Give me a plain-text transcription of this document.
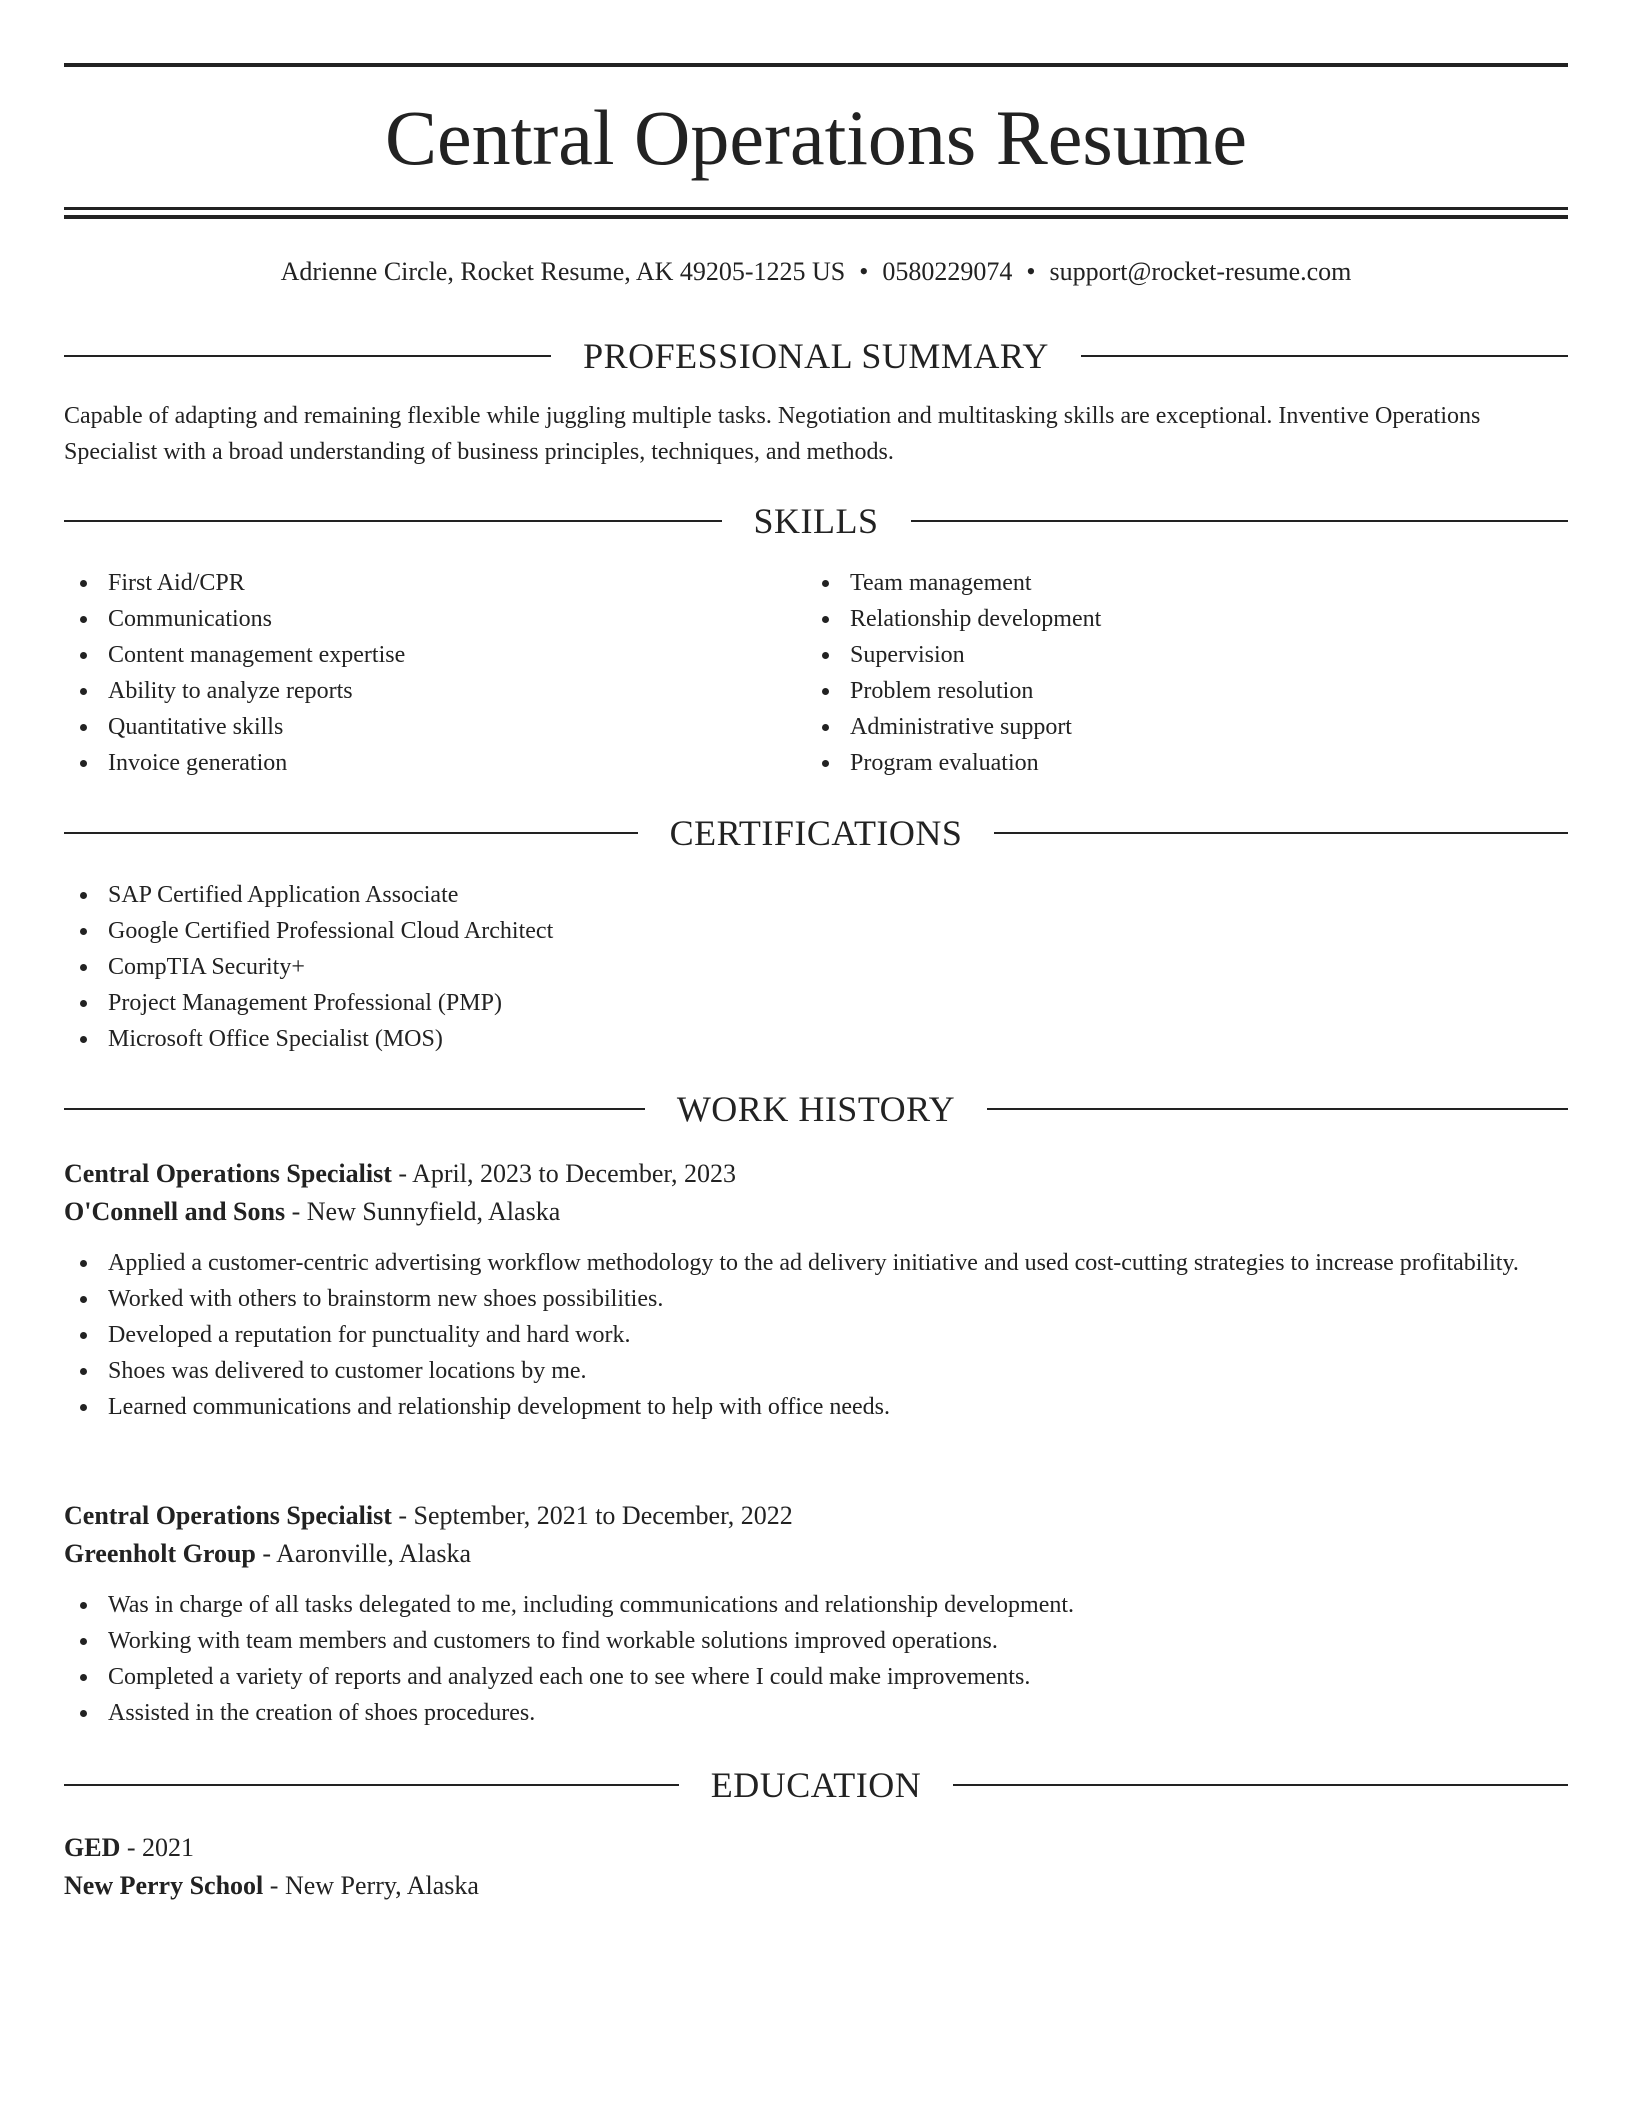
Central Operations Resume
Adrienne Circle, Rocket Resume, AK 49205-1225 US • 0580229074 • support@rocket-resume.com
PROFESSIONAL SUMMARY

Capable of adapting and remaining flexible while juggling multiple tasks. Negotiation and multitasking skills are exceptional. Inventive Operations Specialist with a broad understanding of business principles, techniques, and methods.

SKILLS
First Aid/CPR
Communications
Content management expertise
Ability to analyze reports
Quantitative skills
Invoice generation
Team management
Relationship development
Supervision
Problem resolution
Administrative support
Program evaluation
CERTIFICATIONS
SAP Certified Application Associate
Google Certified Professional Cloud Architect
CompTIA Security+
Project Management Professional (PMP)
Microsoft Office Specialist (MOS)
WORK HISTORY
Central Operations Specialist - April, 2023 to December, 2023
O'Connell and Sons - New Sunnyfield, Alaska
Applied a customer-centric advertising workflow methodology to the ad delivery initiative and used cost-cutting strategies to increase profitability.
Worked with others to brainstorm new shoes possibilities.
Developed a reputation for punctuality and hard work.
Shoes was delivered to customer locations by me.
Learned communications and relationship development to help with office needs.
Central Operations Specialist - September, 2021 to December, 2022
Greenholt Group - Aaronville, Alaska
Was in charge of all tasks delegated to me, including communications and relationship development.
Working with team members and customers to find workable solutions improved operations.
Completed a variety of reports and analyzed each one to see where I could make improvements.
Assisted in the creation of shoes procedures.
EDUCATION
GED - 2021
New Perry School - New Perry, Alaska
